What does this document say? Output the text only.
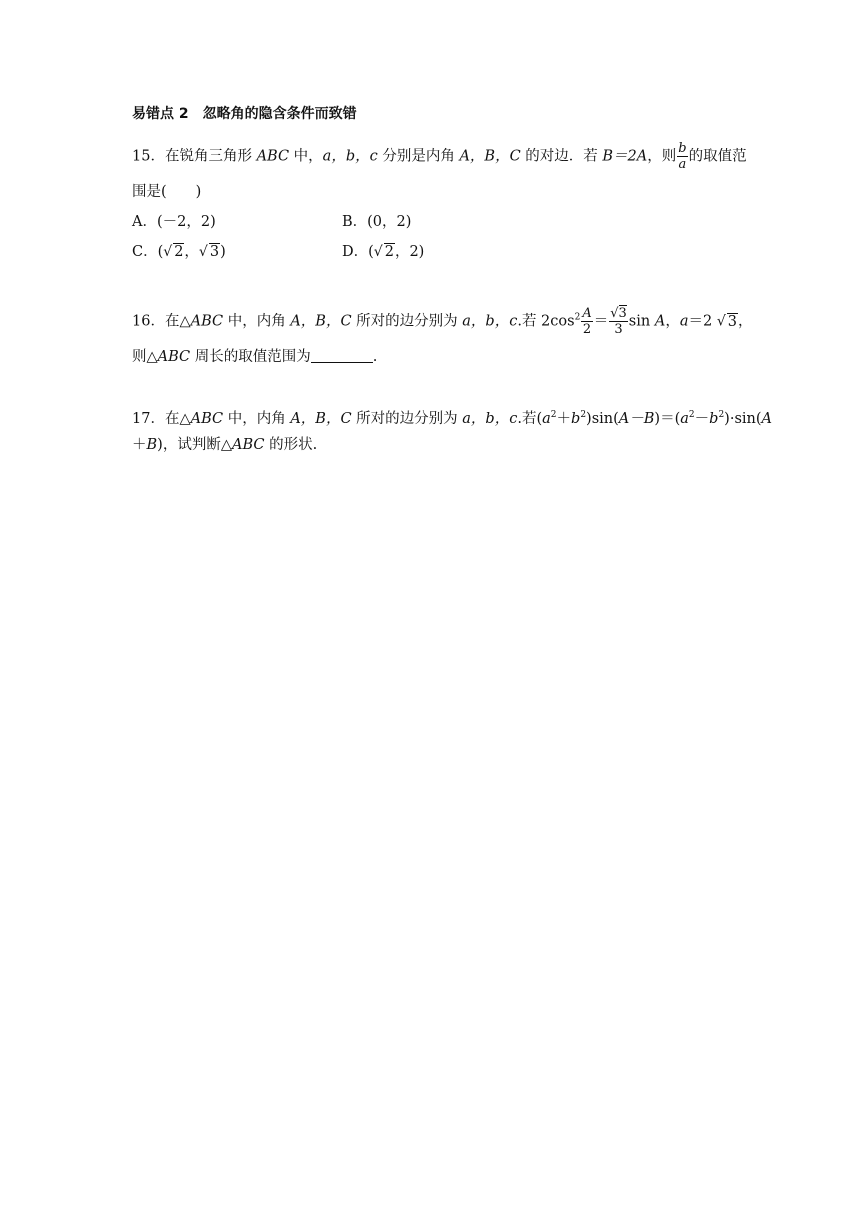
易错点 2　忽略角的隐含条件而致错
15．在锐角三角形 ABC 中，a，b，c 分别是内角 A，B，C 的对边．若 B＝2A，则 $\frac{b}{a}$ 的取值范
围是(　　)
A．(－2，2)	B．(0，2)
C．(√ 2，√ 3)	D．(√ 2，2)
16．在△ABC 中，内角 A，B，C 所对的边分别为 a，b，c.若 $2\cos^2 \frac{A}{2} = \frac{√3}{3}$ sin A，a＝2 √ 3，
则△ABC 周长的取值范围为	.
17．在△ABC 中，内角 A，B，C 所对的边分别为 a，b，c.若$(a^2+b^2)\sin(A-B)=(a^2-b^2)\cdot\sin(A$
＋B)，试判断△ABC 的形状.
